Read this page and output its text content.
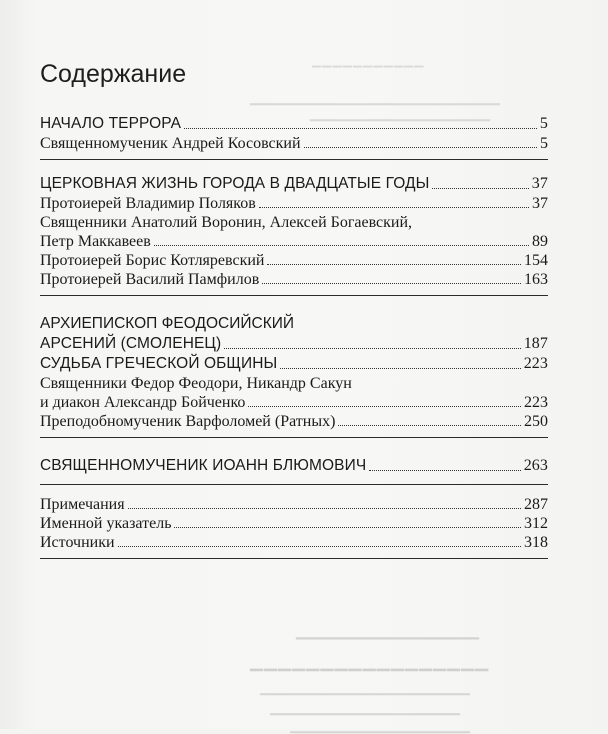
▔▔▔▔▔▔▔▔▔▔▔
▁▁▁▁▁▁▁▁▁▁▁▁▁▁▁▁▁▁▁▁▁▁▁▁▁
▁▁▁▁▁▁▁▁▁▁▁▁▁▁▁▁▁▁
▁▁▁▁▁▁▁▁▁▁▁▁▁▁▁▁▁
▁▁▁▁▁▁▁▁▁▁▁▁▁▁▁▁▁
▁▁▁▁▁▁▁▁▁▁▁▁▁▁▁▁▁▁▁▁▁
▁▁▁▁▁▁▁▁▁▁▁▁▁▁▁▁▁▁▁
▁▁▁▁▁▁▁▁▁▁▁▁▁▁▁▁▁▁
Содержание
НАЧАЛО ТЕРРОРА	5
Священномученик Андрей Косовский	5
ЦЕРКОВНАЯ ЖИЗНЬ ГОРОДА В ДВАДЦАТЫЕ ГОДЫ	37
Протоиерей Владимир Поляков	37
Священники Анатолий Воронин, Алексей Богаевский,
Петр Маккавеев	89
Протоиерей Борис Котляревский	154
Протоиерей Василий Памфилов	163
АРХИЕПИСКОП ФЕОДОСИЙСКИЙ
АРСЕНИЙ (СМОЛЕНЕЦ)	187
СУДЬБА ГРЕЧЕСКОЙ ОБЩИНЫ	223
Священники Федор Феодори, Никандр Сакун
и диакон Александр Бойченко	223
Преподобномученик Варфоломей (Ратных)	250
СВЯЩЕННОМУЧЕНИК ИОАНН БЛЮМОВИЧ	263
Примечания	287
Именной указатель	312
Источники	318
